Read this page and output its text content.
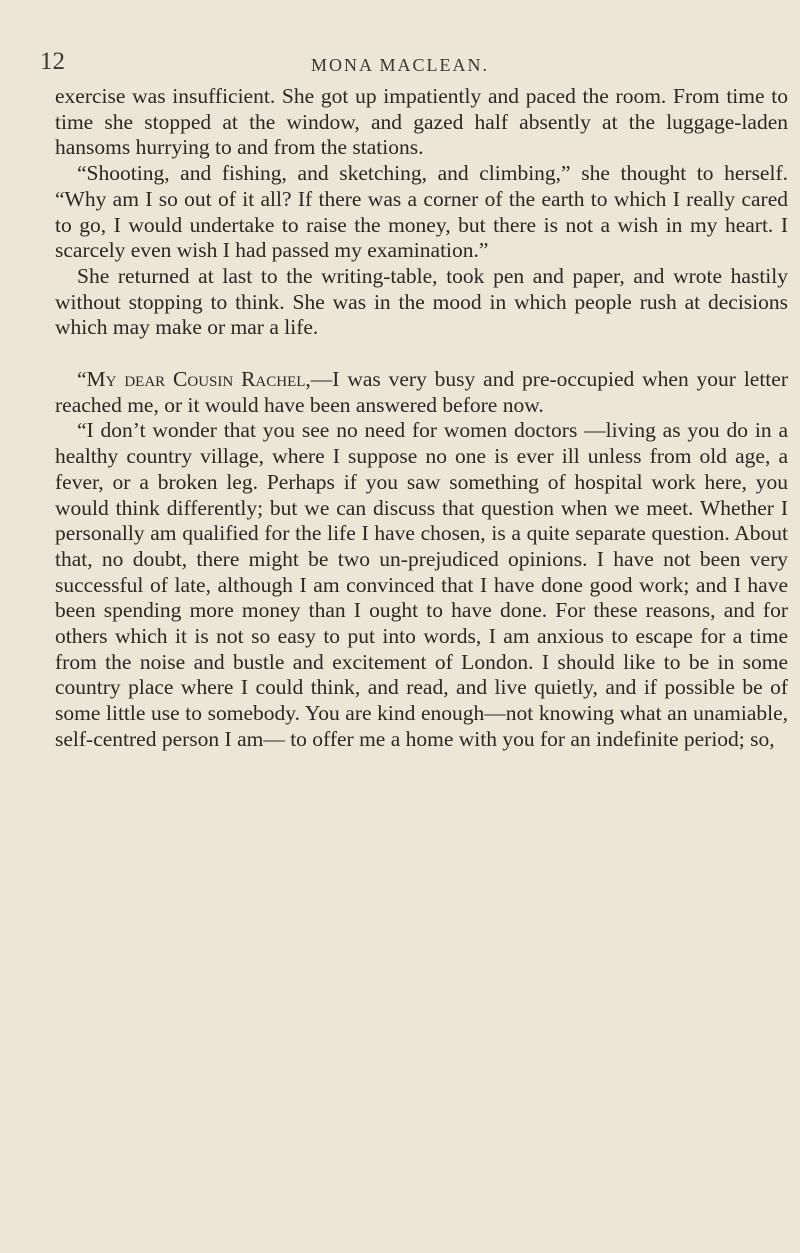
12	MONA MACLEAN.

exercise was insufficient. She got up impatiently and paced the room. From time to time she stopped at the window, and gazed half absently at the luggage-laden hansoms hurrying to and from the stations.

“Shooting, and fishing, and sketching, and climbing,” she thought to herself. “Why am I so out of it all? If there was a corner of the earth to which I really cared to go, I would undertake to raise the money, but there is not a wish in my heart. I scarcely even wish I had passed my examination.”

She returned at last to the writing-table, took pen and paper, and wrote hastily without stopping to think. She was in the mood in which people rush at decisions which may make or mar a life.

“My dear Cousin Rachel,—I was very busy and pre-occupied when your letter reached me, or it would have been answered before now.

“I don’t wonder that you see no need for women doctors —living as you do in a healthy country village, where I suppose no one is ever ill unless from old age, a fever, or a broken leg. Perhaps if you saw something of hospital work here, you would think differently; but we can discuss that question when we meet. Whether I personally am qualified for the life I have chosen, is a quite separate question. About that, no doubt, there might be two un-prejudiced opinions. I have not been very successful of late, although I am convinced that I have done good work; and I have been spending more money than I ought to have done. For these reasons, and for others which it is not so easy to put into words, I am anxious to escape for a time from the noise and bustle and excitement of London. I should like to be in some country place where I could think, and read, and live quietly, and if possible be of some little use to somebody. You are kind enough—not knowing what an unamiable, self-centred person I am— to offer me a home with you for an indefinite period; so,
